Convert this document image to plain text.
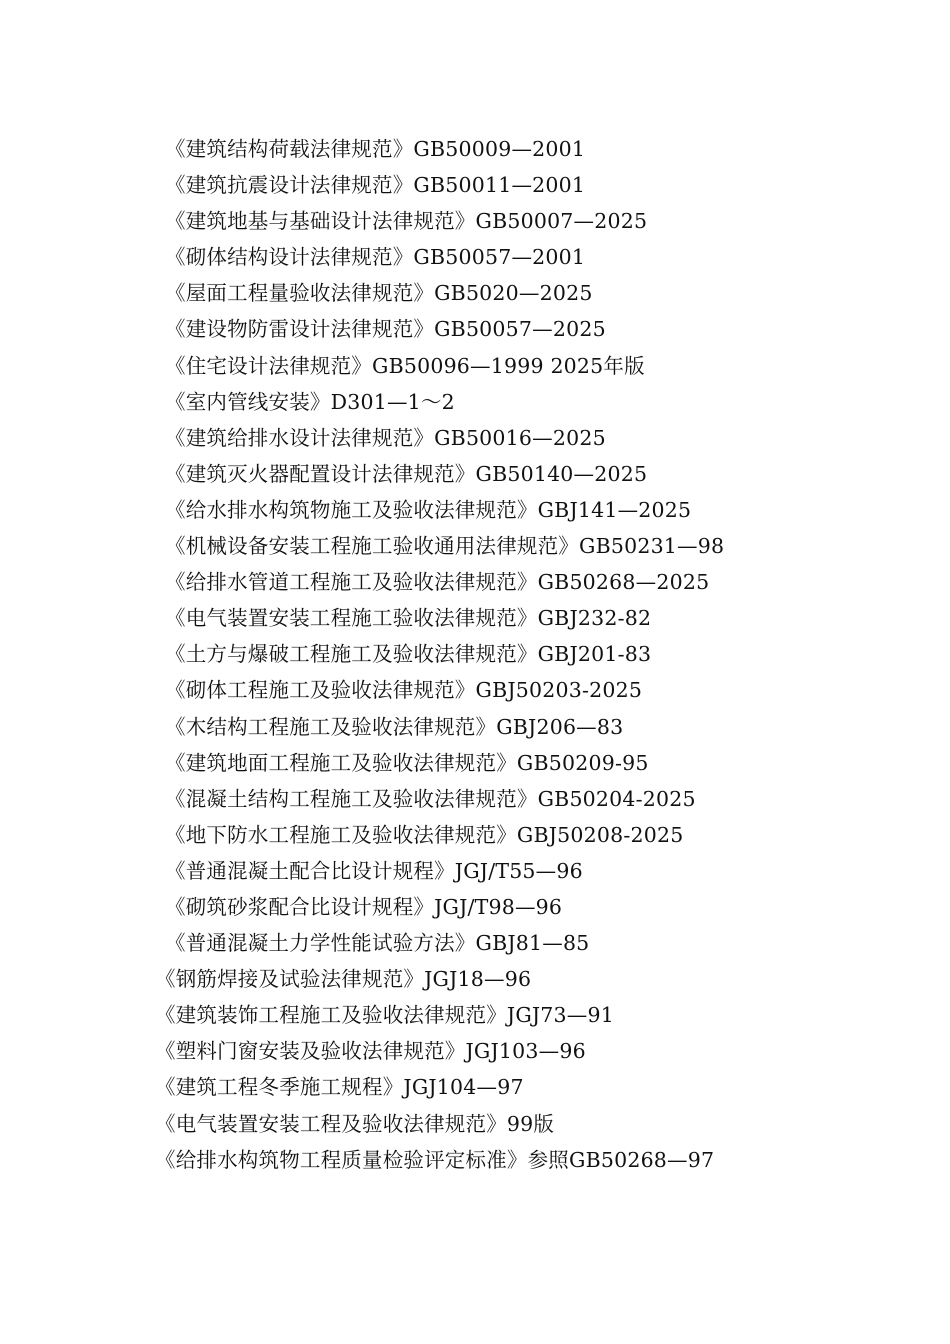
《建筑结构荷载法律规范》GB50009—2001
《建筑抗震设计法律规范》GB50011—2001
《建筑地基与基础设计法律规范》GB50007—2025
《砌体结构设计法律规范》GB50057—2001
《屋面工程量验收法律规范》GB5020—2025
《建设物防雷设计法律规范》GB50057—2025
《住宅设计法律规范》GB50096—1999 2025年版
《室内管线安装》D301—1～2
《建筑给排水设计法律规范》GB50016—2025
《建筑灭火器配置设计法律规范》GB50140—2025
《给水排水构筑物施工及验收法律规范》GBJ141—2025
《机械设备安装工程施工验收通用法律规范》GB50231—98
《给排水管道工程施工及验收法律规范》GB50268—2025
《电气装置安装工程施工验收法律规范》GBJ232-82
《土方与爆破工程施工及验收法律规范》GBJ201-83
《砌体工程施工及验收法律规范》GBJ50203-2025
《木结构工程施工及验收法律规范》GBJ206—83
《建筑地面工程施工及验收法律规范》GB50209-95
《混凝土结构工程施工及验收法律规范》GB50204-2025
《地下防水工程施工及验收法律规范》GBJ50208-2025
《普通混凝土配合比设计规程》JGJ/T55—96
《砌筑砂浆配合比设计规程》JGJ/T98—96
《普通混凝土力学性能试验方法》GBJ81—85
《钢筋焊接及试验法律规范》JGJ18—96
《建筑装饰工程施工及验收法律规范》JGJ73—91
《塑料门窗安装及验收法律规范》JGJ103—96
《建筑工程冬季施工规程》JGJ104—97
《电气装置安装工程及验收法律规范》99版
《给排水构筑物工程质量检验评定标准》参照GB50268—97
